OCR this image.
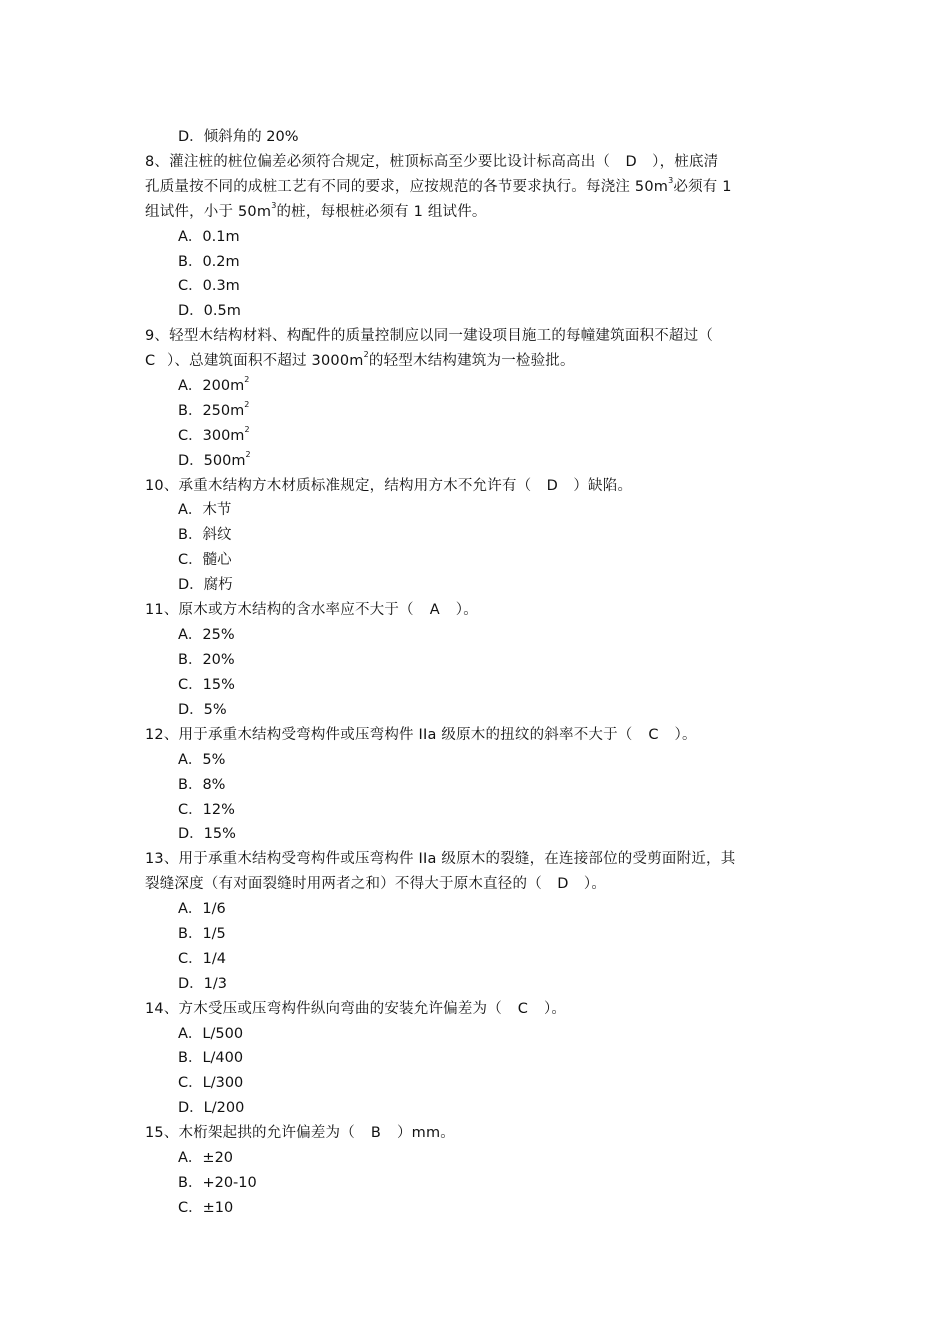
D．倾斜角的 20%
8、灌注桩的桩位偏差必须符合规定，桩顶标高至少要比设计标高高出（ D ），桩底清
孔质量按不同的成桩工艺有不同的要求，应按规范的各节要求执行。每浇注 $50m^3$必须有 1
组试件，小于 $50m^3$的桩，每根桩必须有 1 组试件。
A．0.1m
B．0.2m
C．0.3m
D．0.5m
9、轻型木结构材料、构配件的质量控制应以同一建设项目施工的每幢建筑面积不超过（
C ）、总建筑面积不超过 $3000m^2$的轻型木结构建筑为一检验批。
A．$200m^2$
B．$250m^2$
C．$300m^2$
D．$500m^2$
10、承重木结构方木材质标准规定，结构用方木不允许有（ D ）缺陷。
A．木节
B．斜纹
C．髓心
D．腐朽
11、原木或方木结构的含水率应不大于（ A ）。
A．25%
B．20%
C．15%
D．5%
12、用于承重木结构受弯构件或压弯构件 IIa 级原木的扭纹的斜率不大于（ C ）。
A．5%
B．8%
C．12%
D．15%
13、用于承重木结构受弯构件或压弯构件 IIa 级原木的裂缝，在连接部位的受剪面附近，其
裂缝深度（有对面裂缝时用两者之和）不得大于原木直径的（ D ）。
A．1/6
B．1/5
C．1/4
D．1/3
14、方木受压或压弯构件纵向弯曲的安装允许偏差为（ C ）。
A．L/500
B．L/400
C．L/300
D．L/200
15、木桁架起拱的允许偏差为（ B ）mm。
A．±20
B．+20-10
C．±10
